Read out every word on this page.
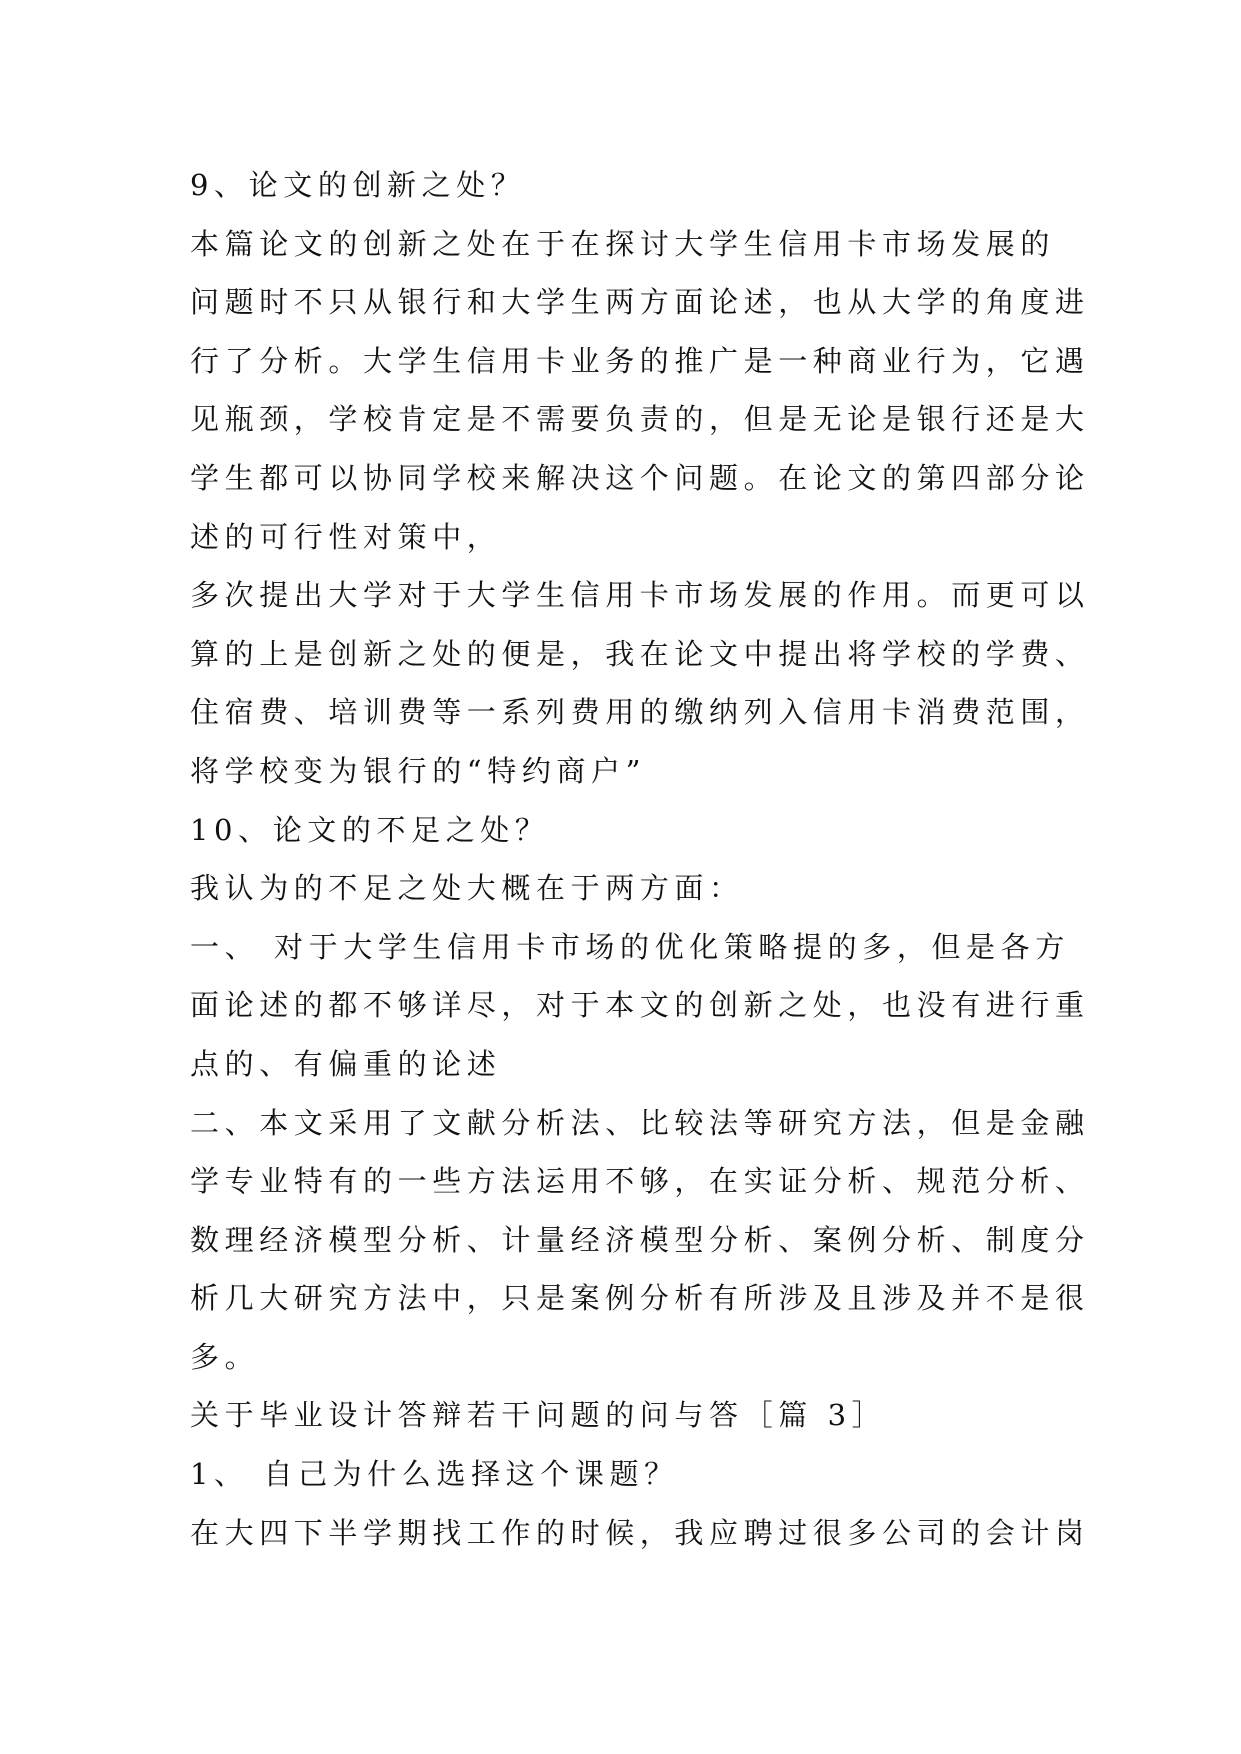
9、论文的创新之处？
本篇论文的创新之处在于在探讨大学生信用卡市场发展的
问题时不只从银行和大学生两方面论述，也从大学的角度进
行了分析。大学生信用卡业务的推广是一种商业行为，它遇
见瓶颈，学校肯定是不需要负责的，但是无论是银行还是大
学生都可以协同学校来解决这个问题。在论文的第四部分论
述的可行性对策中，
多次提出大学对于大学生信用卡市场发展的作用。而更可以
算的上是创新之处的便是，我在论文中提出将学校的学费、
住宿费、培训费等一系列费用的缴纳列入信用卡消费范围，
将学校变为银行的“特约商户”
10、论文的不足之处？
我认为的不足之处大概在于两方面：
一、 对于大学生信用卡市场的优化策略提的多，但是各方
面论述的都不够详尽，对于本文的创新之处，也没有进行重
点的、有偏重的论述
二、本文采用了文献分析法、比较法等研究方法，但是金融
学专业特有的一些方法运用不够，在实证分析、规范分析、
数理经济模型分析、计量经济模型分析、案例分析、制度分
析几大研究方法中，只是案例分析有所涉及且涉及并不是很
多。
关于毕业设计答辩若干问题的问与答［篇 3］
1、 自己为什么选择这个课题？
在大四下半学期找工作的时候，我应聘过很多公司的会计岗
